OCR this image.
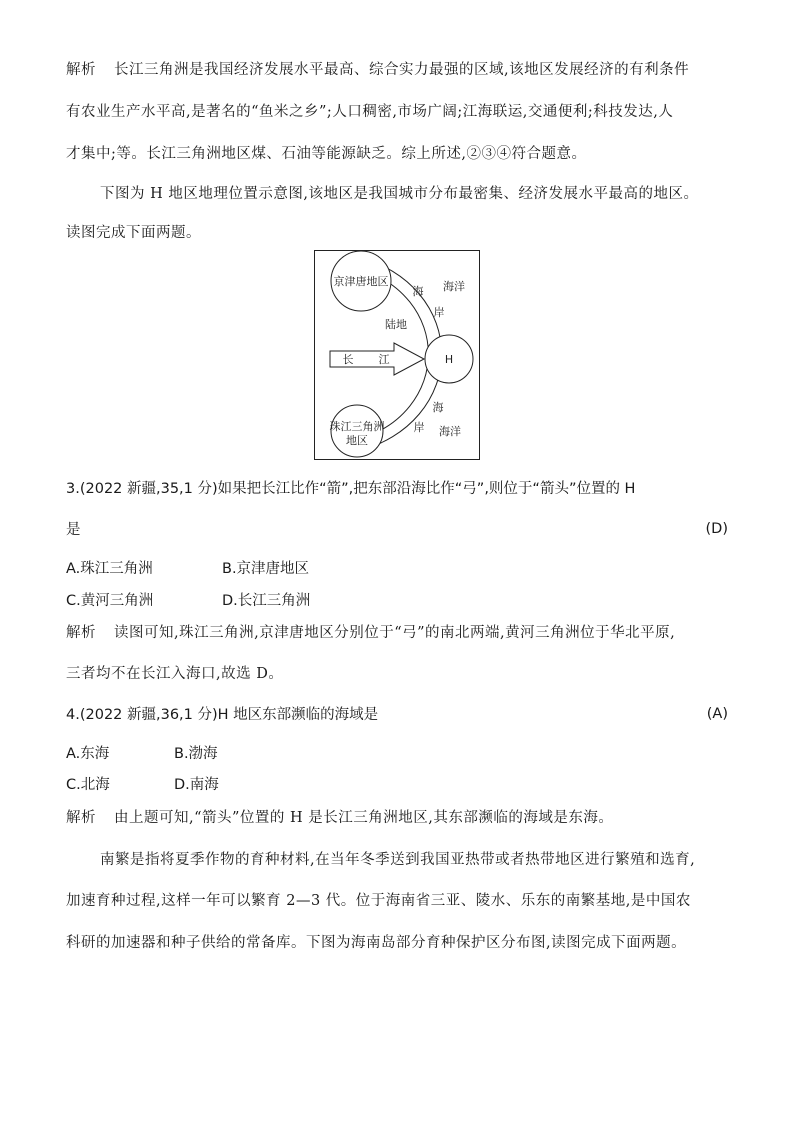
解析 长江三角洲是我国经济发展水平最高、综合实力最强的区域,该地区发展经济的有利条件
有农业生产水平高,是著名的“鱼米之乡”;人口稠密,市场广阔;江海联运,交通便利;科技发达,人
才集中;等。长江三角洲地区煤、石油等能源缺乏。综上所述,②③④符合题意。
下图为 H 地区地理位置示意图,该地区是我国城市分布最密集、经济发展水平最高的地区。
读图完成下面两题。
京津唐地区
珠江三角洲
地区
H
陆地
长 江
海洋
海洋
海
岸
海
岸
3.(2022 新疆,35,1 分)如果把长江比作“箭”,把东部沿海比作“弓”,则位于“箭头”位置的 H
是	(D)
A.珠江三角洲	B.京津唐地区
C.黄河三角洲	D.长江三角洲
解析 读图可知,珠江三角洲,京津唐地区分别位于“弓”的南北两端,黄河三角洲位于华北平原,
三者均不在长江入海口,故选 D。
4.(2022 新疆,36,1 分)H 地区东部濒临的海域是	(A)
A.东海	B.渤海
C.北海	D.南海
解析 由上题可知,“箭头”位置的 H 是长江三角洲地区,其东部濒临的海域是东海。
南繁是指将夏季作物的育种材料,在当年冬季送到我国亚热带或者热带地区进行繁殖和选育,
加速育种过程,这样一年可以繁育 2—3 代。位于海南省三亚、陵水、乐东的南繁基地,是中国农
科研的加速器和种子供给的常备库。下图为海南岛部分育种保护区分布图,读图完成下面两题。
